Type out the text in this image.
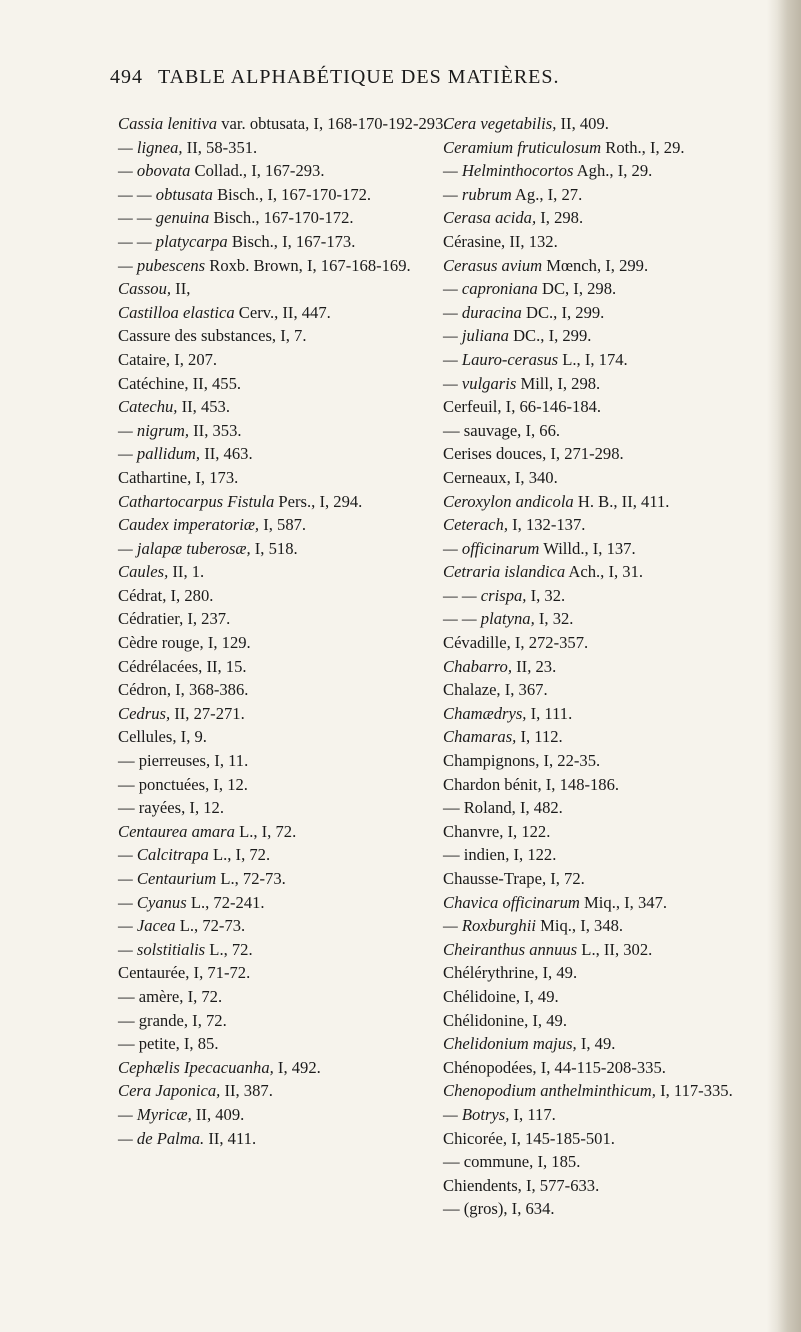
494 TABLE ALPHABÉTIQUE DES MATIÈRES.
Cassia lenitiva var. obtusata, I, 168-170-192-293.
— lignea, II, 58-351.
— obovata Collad., I, 167-293.
— — obtusata Bisch., I, 167-170-172.
— — genuina Bisch., 167-170-172.
— — platycarpa Bisch., I, 167-173.
— pubescens Roxb. Brown, I, 167-168-169.
Cassou, II,
Castilloa elastica Cerv., II, 447.
Cassure des substances, I, 7.
Cataire, I, 207.
Catéchine, II, 455.
Catechu, II, 453.
— nigrum, II, 353.
— pallidum, II, 463.
Cathartine, I, 173.
Cathartocarpus Fistula Pers., I, 294.
Caudex imperatoriæ, I, 587.
— jalapæ tuberosæ, I, 518.
Caules, II, 1.
Cédrat, I, 280.
Cédratier, I, 237.
Cèdre rouge, I, 129.
Cédrélacées, II, 15.
Cédron, I, 368-386.
Cedrus, II, 27-271.
Cellules, I, 9.
— pierreuses, I, 11.
— ponctuées, I, 12.
— rayées, I, 12.
Centaurea amara L., I, 72.
— Calcitrapa L., I, 72.
— Centaurium L., 72-73.
— Cyanus L., 72-241.
— Jacea L., 72-73.
— solstitialis L., 72.
Centaurée, I, 71-72.
— amère, I, 72.
— grande, I, 72.
— petite, I, 85.
Cephælis Ipecacuanha, I, 492.
Cera Japonica, II, 387.
— Myricæ, II, 409.
— de Palma. II, 411.
Cera vegetabilis, II, 409.
Ceramium fruticulosum Roth., I, 29.
— Helminthocortos Agh., I, 29.
— rubrum Ag., I, 27.
Cerasa acida, I, 298.
Cérasine, II, 132.
Cerasus avium Mœnch, I, 299.
— caproniana DC, I, 298.
— duracina DC., I, 299.
— juliana DC., I, 299.
— Lauro-cerasus L., I, 174.
— vulgaris Mill, I, 298.
Cerfeuil, I, 66-146-184.
— sauvage, I, 66.
Cerises douces, I, 271-298.
Cerneaux, I, 340.
Ceroxylon andicola H. B., II, 411.
Ceterach, I, 132-137.
— officinarum Willd., I, 137.
Cetraria islandica Ach., I, 31.
— — crispa, I, 32.
— — platyna, I, 32.
Cévadille, I, 272-357.
Chabarro, II, 23.
Chalaze, I, 367.
Chamædrys, I, 111.
Chamaras, I, 112.
Champignons, I, 22-35.
Chardon bénit, I, 148-186.
— Roland, I, 482.
Chanvre, I, 122.
— indien, I, 122.
Chausse-Trape, I, 72.
Chavica officinarum Miq., I, 347.
— Roxburghii Miq., I, 348.
Cheiranthus annuus L., II, 302.
Chélérythrine, I, 49.
Chélidoine, I, 49.
Chélidonine, I, 49.
Chelidonium majus, I, 49.
Chénopodées, I, 44-115-208-335.
Chenopodium anthelminthicum, I, 117-335.
— Botrys, I, 117.
Chicorée, I, 145-185-501.
— commune, I, 185.
Chiendents, I, 577-633.
— (gros), I, 634.
